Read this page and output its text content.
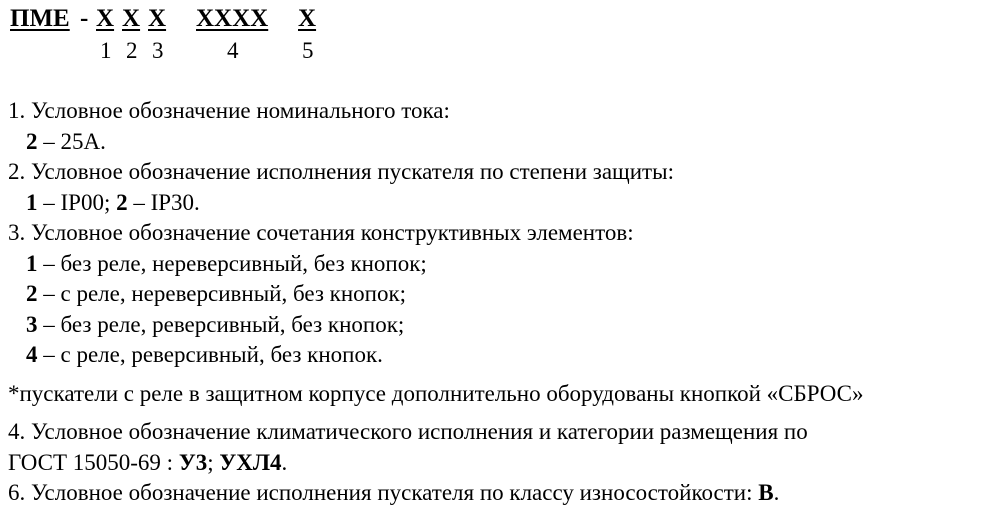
ПМЕ - Х Х Х ХХХХ Х
1 2 3	4	5
1. Условное обозначение номинального тока:
2 – 25А.
2. Условное обозначение исполнения пускателя по степени защиты:
1 – IP00; 2 – IP30.
3. Условное обозначение сочетания конструктивных элементов:
1 – без реле, нереверсивный, без кнопок;
2 – с реле, нереверсивный, без кнопок;
3 – без реле, реверсивный, без кнопок;
4 – с реле, реверсивный, без кнопок.
*пускатели с реле в защитном корпусе дополнительно оборудованы кнопкой «СБРОС»
4. Условное обозначение климатического исполнения и категории размещения по
ГОСТ 15050-69 : У3; УХЛ4.
6. Условное обозначение исполнения пускателя по классу износостойкости: В.
